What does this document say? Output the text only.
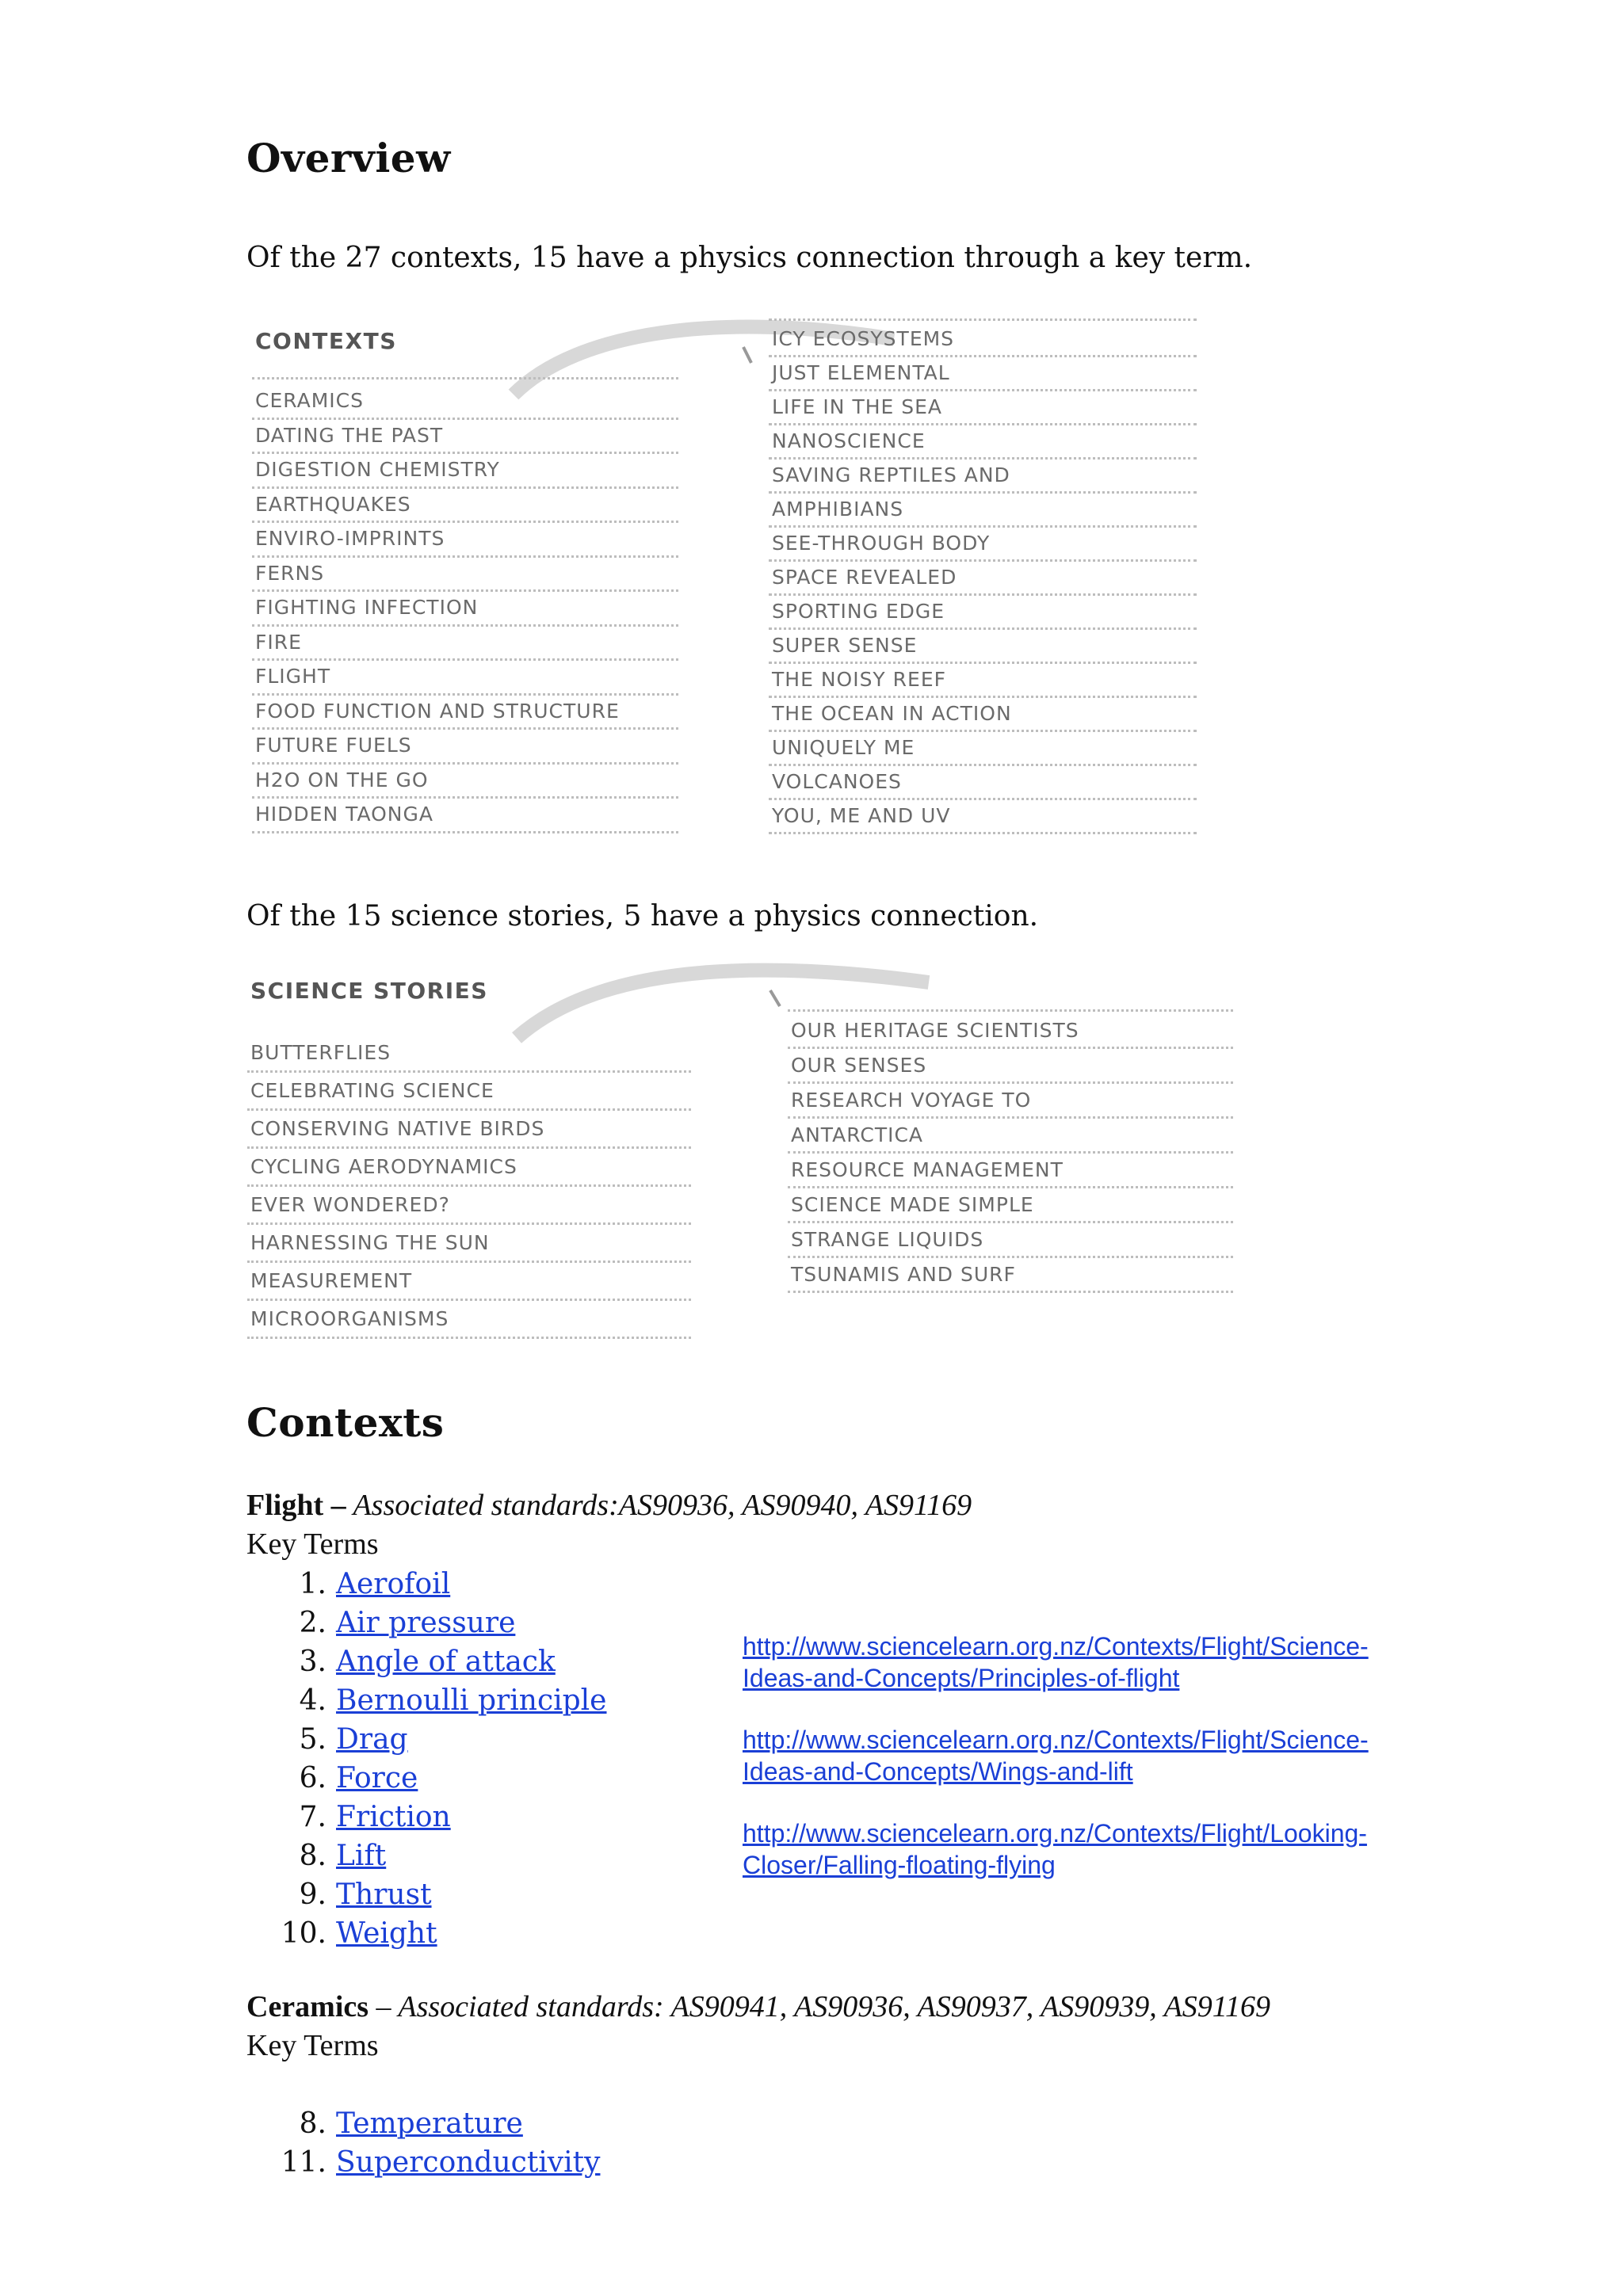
Overview
Of the 27 contexts, 15 have a physics connection through a key term.
CONTEXTS
CERAMICS
DATING THE PAST
DIGESTION CHEMISTRY
EARTHQUAKES
ENVIRO-IMPRINTS
FERNS
FIGHTING INFECTION
FIRE
FLIGHT
FOOD FUNCTION AND STRUCTURE
FUTURE FUELS
H2O ON THE GO
HIDDEN TAONGA
ICY ECOSYSTEMS
JUST ELEMENTAL
LIFE IN THE SEA
NANOSCIENCE
SAVING REPTILES AND
AMPHIBIANS
SEE-THROUGH BODY
SPACE REVEALED
SPORTING EDGE
SUPER SENSE
THE NOISY REEF
THE OCEAN IN ACTION
UNIQUELY ME
VOLCANOES
YOU, ME AND UV
Of the 15 science stories, 5 have a physics connection.
SCIENCE STORIES
BUTTERFLIES
CELEBRATING SCIENCE
CONSERVING NATIVE BIRDS
CYCLING AERODYNAMICS
EVER WONDERED?
HARNESSING THE SUN
MEASUREMENT
MICROORGANISMS
OUR HERITAGE SCIENTISTS
OUR SENSES
RESEARCH VOYAGE TO
ANTARCTICA
RESOURCE MANAGEMENT
SCIENCE MADE SIMPLE
STRANGE LIQUIDS
TSUNAMIS AND SURF
Contexts
Flight – Associated standards:AS90936, AS90940, AS91169
Key Terms
1. Aerofoil
2. Air pressure
3. Angle of attack
4. Bernoulli principle
5. Drag
6. Force
7. Friction
8. Lift
9. Thrust
10. Weight
http://www.sciencelearn.org.nz/Contexts/Flight/Science-
Ideas-and-Concepts/Principles-of-flight
http://www.sciencelearn.org.nz/Contexts/Flight/Science-
Ideas-and-Concepts/Wings-and-lift
http://www.sciencelearn.org.nz/Contexts/Flight/Looking-
Closer/Falling-floating-flying
Ceramics – Associated standards: AS90941, AS90936, AS90937, AS90939, AS91169
Key Terms
8. Temperature
11. Superconductivity
